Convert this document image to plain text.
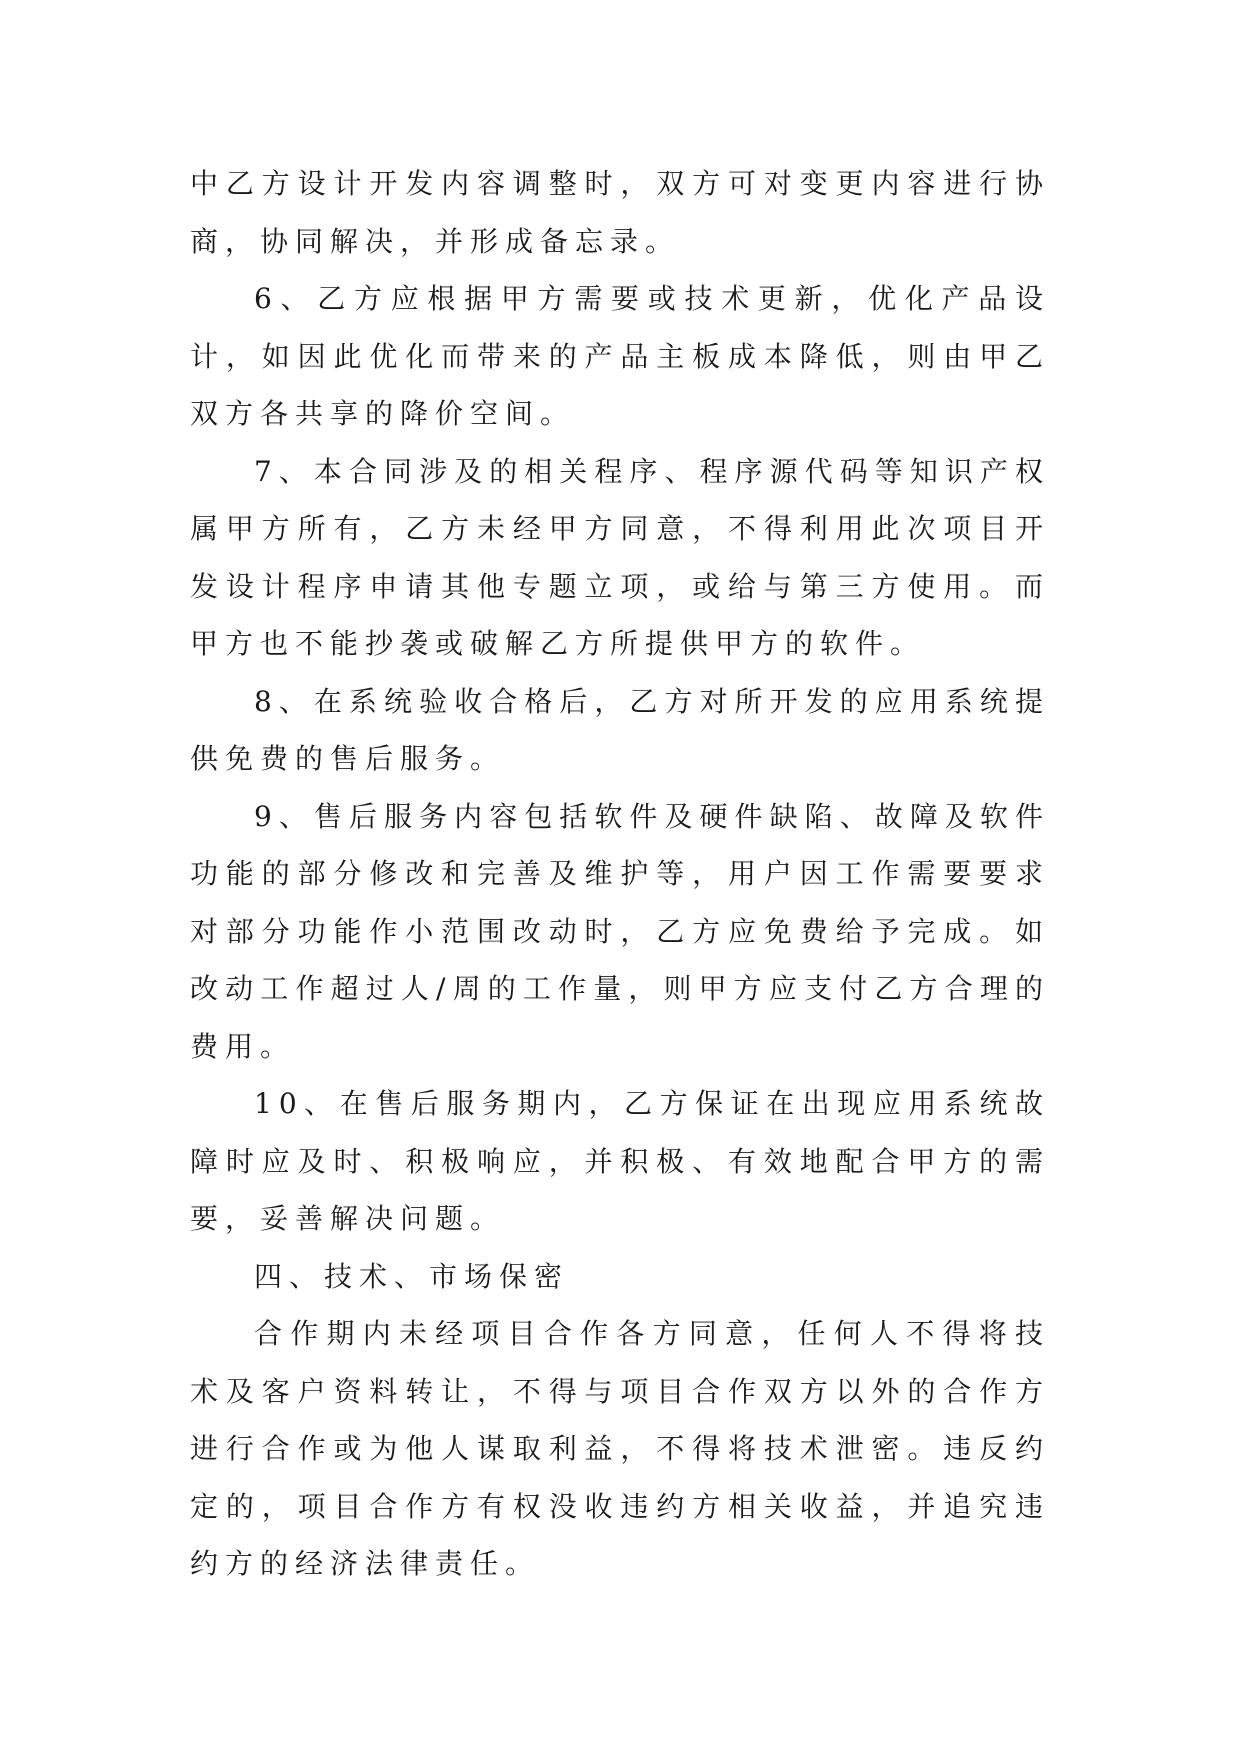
中乙方设计开发内容调整时，双方可对变更内容进行协商，协同解决，并形成备忘录。

6、乙方应根据甲方需要或技术更新，优化产品设计，如因此优化而带来的产品主板成本降低，则由甲乙双方各共享的降价空间。

7、本合同涉及的相关程序、程序源代码等知识产权属甲方所有，乙方未经甲方同意，不得利用此次项目开发设计程序申请其他专题立项，或给与第三方使用。而甲方也不能抄袭或破解乙方所提供甲方的软件。

8、在系统验收合格后，乙方对所开发的应用系统提供免费的售后服务。

9、售后服务内容包括软件及硬件缺陷、故障及软件功能的部分修改和完善及维护等，用户因工作需要要求对部分功能作小范围改动时，乙方应免费给予完成。如改动工作超过人/周的工作量，则甲方应支付乙方合理的费用。

10、在售后服务期内，乙方保证在出现应用系统故障时应及时、积极响应，并积极、有效地配合甲方的需要，妥善解决问题。

四、技术、市场保密

合作期内未经项目合作各方同意，任何人不得将技术及客户资料转让，不得与项目合作双方以外的合作方进行合作或为他人谋取利益，不得将技术泄密。违反约定的，项目合作方有权没收违约方相关收益，并追究违约方的经济法律责任。
